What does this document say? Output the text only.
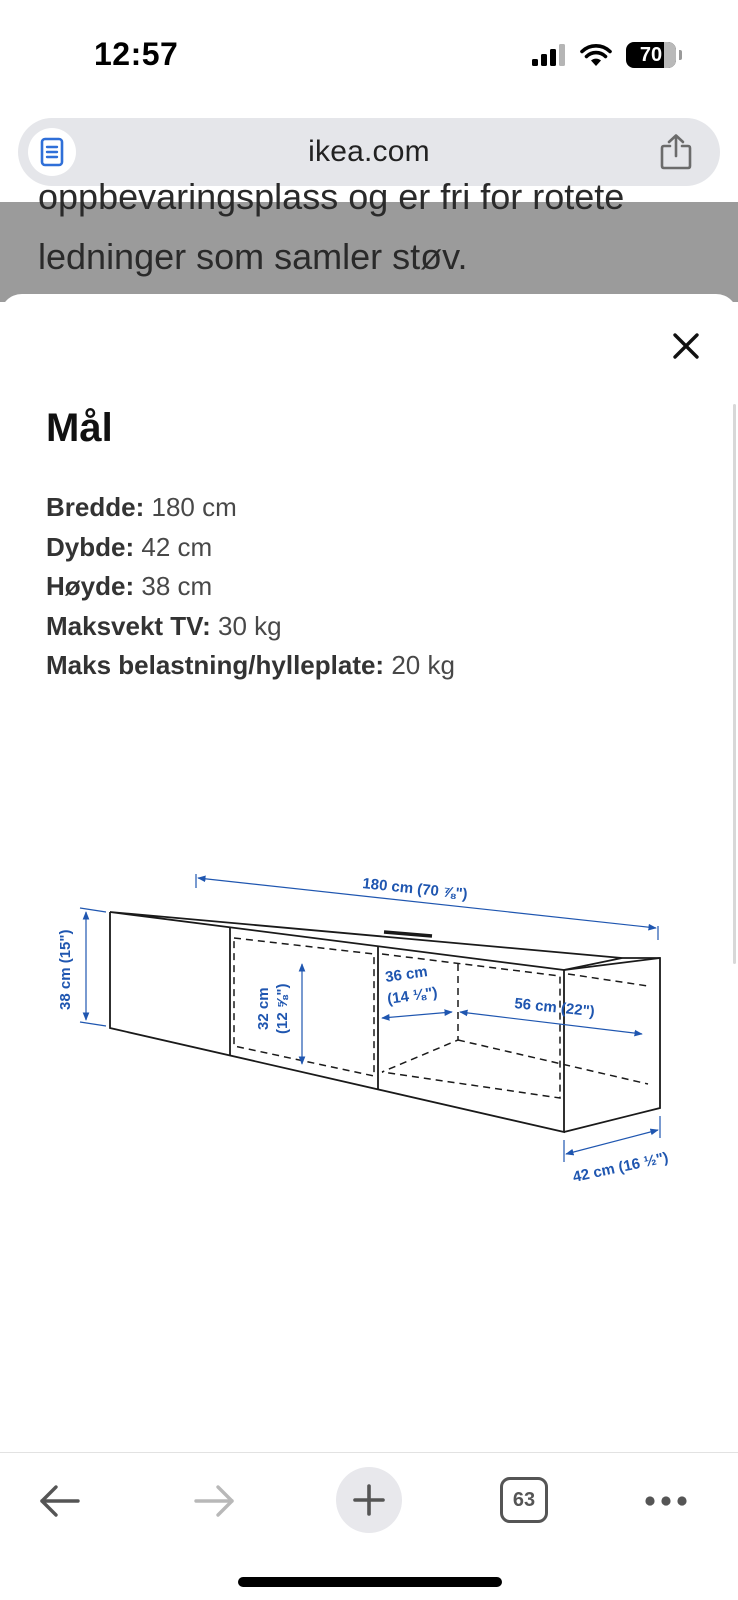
12:57	70
ikea.com
oppbevaringsplass og er fri for rotete
ledninger som samler støv.
Mål
Bredde: 180 cm
Dybde: 42 cm
Høyde: 38 cm
Maksvekt TV: 30 kg
Maks belastning/hylleplate: 20 kg
180 cm (70 ⅞")
38 cm (15")	32 cm (12 ⅝")
36 cm
(14 ⅛")	56 cm (22")
42 cm (16 ½")
63
